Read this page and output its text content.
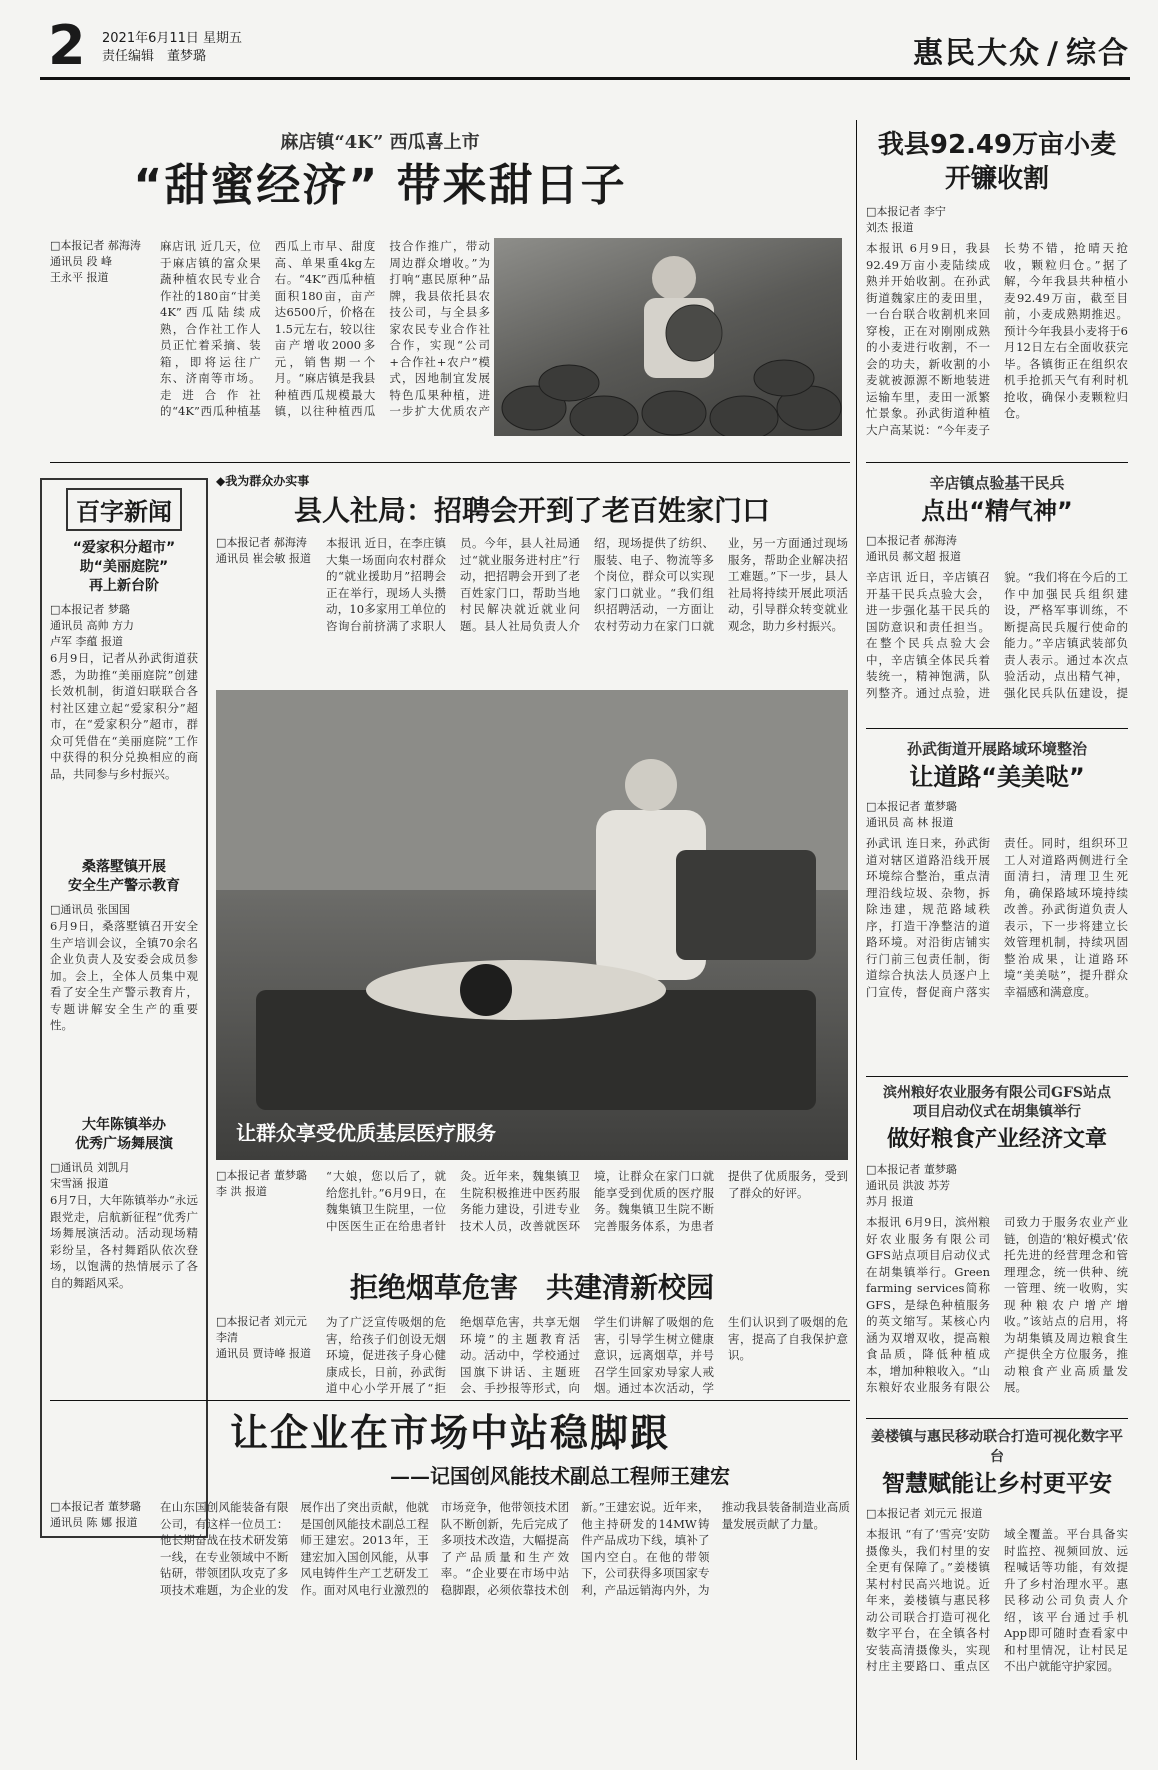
2 2021年6月11日 星期五
责任编辑　董梦璐	惠民大众 / 综合
麻店镇“4K” 西瓜喜上市
“甜蜜经济” 带来甜日子
□本报记者 郝海涛
通讯员 段 峰
王永平 报道
麻店讯 近几天，位于麻店镇的富众果蔬种植农民专业合作社的180亩“甘美4K”西瓜陆续成熟，合作社工作人员正忙着采摘、装箱，即将运往广东、济南等市场。走进合作社的“4K”西瓜种植基 西瓜上市早、甜度高、单果重4kg左右。“4K”西瓜种植面积180亩，亩产达6500斤，价格在1.5元左右，较以往亩产增收2000多元，销售期一个月。“麻店镇是我县种植西瓜规模最大镇，以往种植西瓜 技合作推广，带动周边群众增收。”为打响“惠民原种”品牌，我县依托县农技公司，与全县多家农民专业合作社合作，实现“公司+合作社+农户”模式，因地制宜发展特色瓜果种植，进一步扩大优质农产
我县92.49万亩小麦
开镰收割
□本报记者 李宁
刘杰 报道
本报讯 6月9日，我县92.49万亩小麦陆续成熟并开始收割。在孙武街道魏家庄的麦田里，一台台联合收割机来回穿梭，正在对刚刚成熟的小麦进行收割，不一会的功夫，新收割的小麦就被源源不断地装进运输车里，麦田一派繁忙景象。孙武街道种植大户高某说：“今年麦子长势不错，抢晴天抢收，颗粒归仓。”据了解，今年我县共种植小麦92.49万亩，截至目前，小麦成熟期推迟。预计今年我县小麦将于6月12日左右全面收获完毕。各镇街正在组织农机手抢抓天气有利时机抢收，确保小麦颗粒归仓。
百字新闻
“爱家积分超市”
助“美丽庭院”
再上新台阶
□本报记者 梦璐
通讯员 高帅 方力
卢军 李蕴 报道
6月9日，记者从孙武街道获悉，为助推“美丽庭院”创建长效机制，街道妇联联合各村社区建立起“爱家积分”超市，在“爱家积分”超市，群众可凭借在“美丽庭院”工作中获得的积分兑换相应的商品，共同参与乡村振兴。
桑落墅镇开展
安全生产警示教育
□通讯员 张国国
6月9日，桑落墅镇召开安全生产培训会议，全镇70余名企业负责人及安委会成员参加。会上，全体人员集中观看了安全生产警示教育片，专题讲解安全生产的重要性。
大年陈镇举办
优秀广场舞展演
□通讯员 刘凯月
宋雪涵 报道
6月7日，大年陈镇举办“永远跟党走，启航新征程”优秀广场舞展演活动。活动现场精彩纷呈，各村舞蹈队依次登场，以饱满的热情展示了各自的舞蹈风采。
◆我为群众办实事
县人社局：招聘会开到了老百姓家门口
□本报记者 郝海涛
通讯员 崔会敏 报道
本报讯 近日，在李庄镇大集一场面向农村群众的“就业援助月”招聘会正在举行，现场人头攒动，10多家用工单位的咨询台前挤满了求职人员。今年，县人社局通过“就业服务进村庄”行动，把招聘会开到了老百姓家门口，帮助当地村民解决就近就业问题。县人社局负责人介绍，现场提供了纺织、服装、电子、物流等多个岗位，群众可以实现家门口就业。“我们组织招聘活动，一方面让农村劳动力在家门口就业，另一方面通过现场服务，帮助企业解决招工难题。”下一步，县人社局将持续开展此项活动，引导群众转变就业观念，助力乡村振兴。
让群众享受优质基层医疗服务
□本报记者 董梦璐
李 洪 报道
“大娘，您以后了，就给您扎针。”6月9日，在魏集镇卫生院里，一位中医医生正在给患者针灸。近年来，魏集镇卫生院积极推进中医药服务能力建设，引进专业技术人员，改善就医环境，让群众在家门口就能享受到优质的医疗服务。魏集镇卫生院不断完善服务体系，为患者提供了优质服务，受到了群众的好评。
拒绝烟草危害　共建清新校园
□本报记者 刘元元 李清
通讯员 贾诗峰 报道
为了广泛宣传吸烟的危害，给孩子们创设无烟环境，促进孩子身心健康成长，日前，孙武街道中心小学开展了“拒绝烟草危害，共享无烟环境”的主题教育活动。活动中，学校通过国旗下讲话、主题班会、手抄报等形式，向学生们讲解了吸烟的危害，引导学生树立健康意识，远离烟草，并号召学生回家劝导家人戒烟。通过本次活动，学生们认识到了吸烟的危害，提高了自我保护意识。
辛店镇点验基干民兵
点出“精气神”
□本报记者 郝海涛
通讯员 郝文超 报道
辛店讯 近日，辛店镇召开基干民兵点验大会，进一步强化基干民兵的国防意识和责任担当。在整个民兵点验大会中，辛店镇全体民兵着装统一，精神饱满，队列整齐。通过点验，进 貌。“我们将在今后的工作中加强民兵组织建设，严格军事训练，不断提高民兵履行使命的能力。”辛店镇武装部负责人表示。通过本次点验活动，点出精气神，强化民兵队伍建设，提
孙武街道开展路域环境整治
让道路“美美哒”
□本报记者 董梦璐
通讯员 高 林 报道
孙武讯 连日来，孙武街道对辖区道路沿线开展环境综合整治，重点清理沿线垃圾、杂物，拆除违建，规范路域秩序，打造干净整洁的道路环境。对沿街店铺实行门前三包责任制，街道综合执法人员逐户上门宣传，督促商户落实责任。同时，组织环卫工人对道路两侧进行全面清扫，清理卫生死角，确保路域环境持续改善。孙武街道负责人表示，下一步将建立长效管理机制，持续巩固整治成果，让道路环境“美美哒”，提升群众幸福感和满意度。
滨州粮好农业服务有限公司GFS站点
项目启动仪式在胡集镇举行
做好粮食产业经济文章
□本报记者 董梦璐
通讯员 洪波 苏芳
苏月 报道
本报讯 6月9日，滨州粮好农业服务有限公司GFS站点项目启动仪式在胡集镇举行。Green farming services简称GFS，是绿色种植服务的英文缩写。某核心内涵为双增双收，提高粮食品质，降低种植成本，增加种粮收入。“山东粮好农业服务有限公司致力于服务农业产业链，创造的‘粮好模式’依托先进的经营理念和管理理念，统一供种、统一管理、统一收购，实现种粮农户增产增收。”该站点的启用，将为胡集镇及周边粮食生产提供全方位服务，推动粮食产业高质量发展。
姜楼镇与惠民移动联合打造可视化数字平台
智慧赋能让乡村更平安
□本报记者 刘元元 报道
本报讯 “有了‘雪亮’安防摄像头，我们村里的安全更有保障了。”姜楼镇某村村民高兴地说。近年来，姜楼镇与惠民移动公司联合打造可视化数字平台，在全镇各村安装高清摄像头，实现村庄主要路口、重点区域全覆盖。平台具备实时监控、视频回放、远程喊话等功能，有效提升了乡村治理水平。惠民移动公司负责人介绍，该平台通过手机App即可随时查看家中和村里情况，让村民足不出户就能守护家园。
让企业在市场中站稳脚跟
——记国创风能技术副总工程师王建宏
□本报记者 董梦璐
通讯员 陈 娜 报道
在山东国创风能装备有限公司，有这样一位员工：他长期奋战在技术研发第一线，在专业领域中不断钻研，带领团队攻克了多项技术难题，为企业的发展作出了突出贡献，他就是国创风能技术副总工程师王建宏。2013年，王建宏加入国创风能，从事风电铸件生产工艺研发工作。面对风电行业激烈的市场竞争，他带领技术团队不断创新，先后完成了多项技术改造，大幅提高了产品质量和生产效率。“企业要在市场中站稳脚跟，必须依靠技术创新。”王建宏说。近年来，他主持研发的14MW铸件产品成功下线，填补了国内空白。在他的带领下，公司获得多项国家专利，产品远销海内外，为推动我县装备制造业高质量发展贡献了力量。
